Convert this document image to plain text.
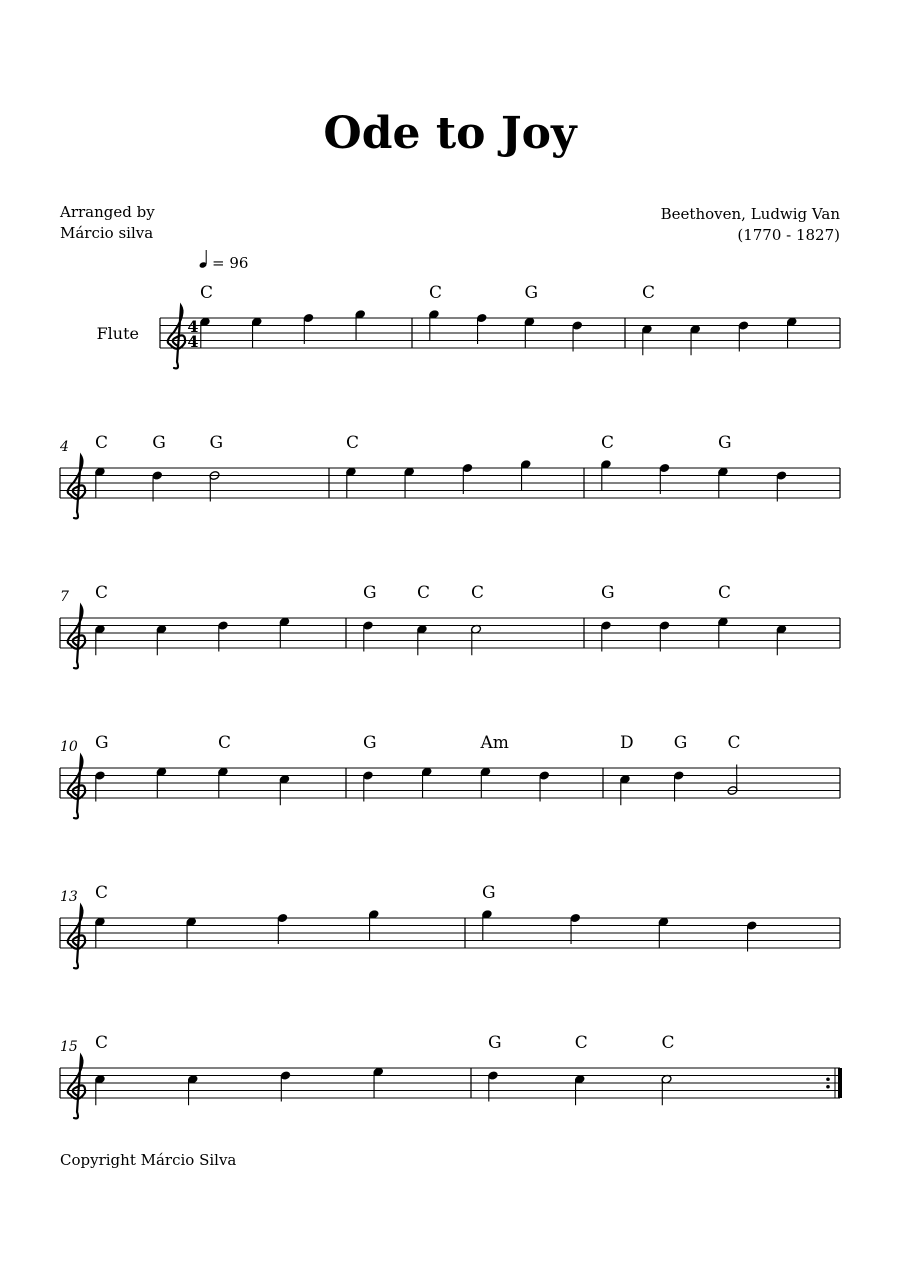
Ode to Joy
Arranged by
Márcio silva
Beethoven, Ludwig Van
(1770 - 1827)
4
4
Flute
= 96
C	C	G	C
4 C	G	G	C	C	G
7 C	G C C	G	C
10 G	C	G	Am	D G C
13 C	G
15 C	G	C	C
Copyright Márcio Silva
